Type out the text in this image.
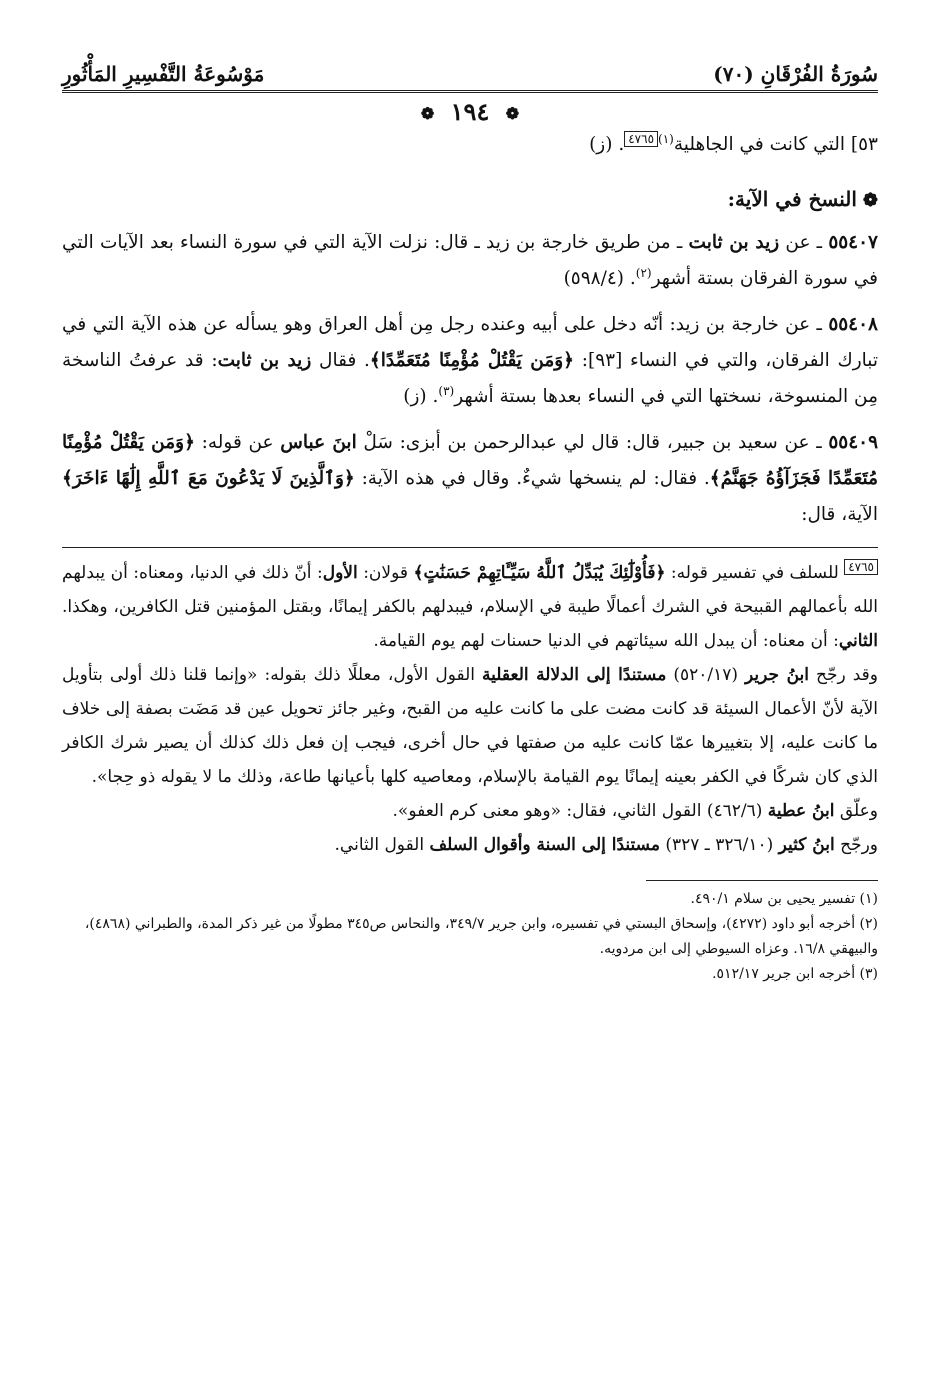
سُورَةُ الفُرْقَانِ (٧٠)
مَوْسُوعَةُ التَّفْسِيرِ المَأْثُورِ
❁ ١٩٤ ❁

٥٣] التي كانت في الجاهلية$^{(١)}$٤٧٦٥. (ز)

❁النسخ في الآية:

٥٥٤٠٧ ـ عن زيد بن ثابت ـ من طريق خارجة بن زيد ـ قال: نزلت الآية التي في سورة النساء بعد الآيات التي في سورة الفرقان بستة أشهر$^{(٢)}$. (٥٩٨/٤)

٥٥٤٠٨ ـ عن خارجة بن زيد: أنّه دخل على أبيه وعنده رجل مِن أهل العراق وهو يسأله عن هذه الآية التي في تبارك الفرقان، والتي في النساء [٩٣]: ﴿وَمَن يَقْتُلْ مُؤْمِنًا مُتَعَمِّدًا﴾. فقال زيد بن ثابت: قد عرفتُ الناسخة مِن المنسوخة، نسختها التي في النساء بعدها بستة أشهر$^{(٣)}$. (ز)

٥٥٤٠٩ ـ عن سعيد بن جبير، قال: قال لي عبدالرحمن بن أبزى: سَلْ ابنَ عباس عن قوله: ﴿وَمَن يَقْتُلْ مُؤْمِنًا مُتَعَمِّدًا فَجَزَآؤُهُ جَهَنَّمُ﴾. فقال: لم ينسخها شيءٌ. وقال في هذه الآية: ﴿وَٱلَّذِينَ لَا يَدْعُونَ مَعَ ٱللَّهِ إِلَٰهًا ءَاخَرَ﴾ الآية، قال:

٤٧٦٥ للسلف في تفسير قوله: ﴿فَأُوْلَٰٓئِكَ يُبَدِّلُ ٱللَّهُ سَيِّـَٔاتِهِمْ حَسَنَٰتٍ﴾ قولان: الأول: أنّ ذلك في الدنيا، ومعناه: أن يبدلهم الله بأعمالهم القبيحة في الشرك أعمالًا طيبة في الإسلام، فيبدلهم بالكفر إيمانًا، وبقتل المؤمنين قتل الكافرين، وهكذا. الثاني: أن معناه: أن يبدل الله سيئاتهم في الدنيا حسنات لهم يوم القيامة.

وقد رجّح ابنُ جرير (٥٢٠/١٧) مستندًا إلى الدلالة العقلية القول الأول، معللًا ذلك بقوله: «وإنما قلنا ذلك أولى بتأويل الآية لأنّ الأعمال السيئة قد كانت مضت على ما كانت عليه من القبح، وغير جائز تحويل عين قد مَضَت بصفة إلى خلاف ما كانت عليه، إلا بتغييرها عمّا كانت عليه من صفتها في حال أخرى، فيجب إن فعل ذلك كذلك أن يصير شرك الكافر الذي كان شركًا في الكفر بعينه إيمانًا يوم القيامة بالإسلام، ومعاصيه كلها بأعيانها طاعة، وذلك ما لا يقوله ذو حِجا».

وعلّق ابنُ عطية (٤٦٢/٦) القول الثاني، فقال: «وهو معنى كرم العفو».

ورجّح ابنُ كثير (٣٢٦/١٠ ـ ٣٢٧) مستندًا إلى السنة وأقوال السلف القول الثاني.

(١) تفسير يحيى بن سلام ٤٩٠/١.

(٢) أخرجه أبو داود (٤٢٧٢)، وإسحاق البستي في تفسيره، وابن جرير ٣٤٩/٧، والنحاس ص٣٤٥ مطولًا من غير ذكر المدة، والطبراني (٤٨٦٨)، والبيهقي ١٦/٨. وعزاه السيوطي إلى ابن مردويه.

(٣) أخرجه ابن جرير ٥١٢/١٧.
